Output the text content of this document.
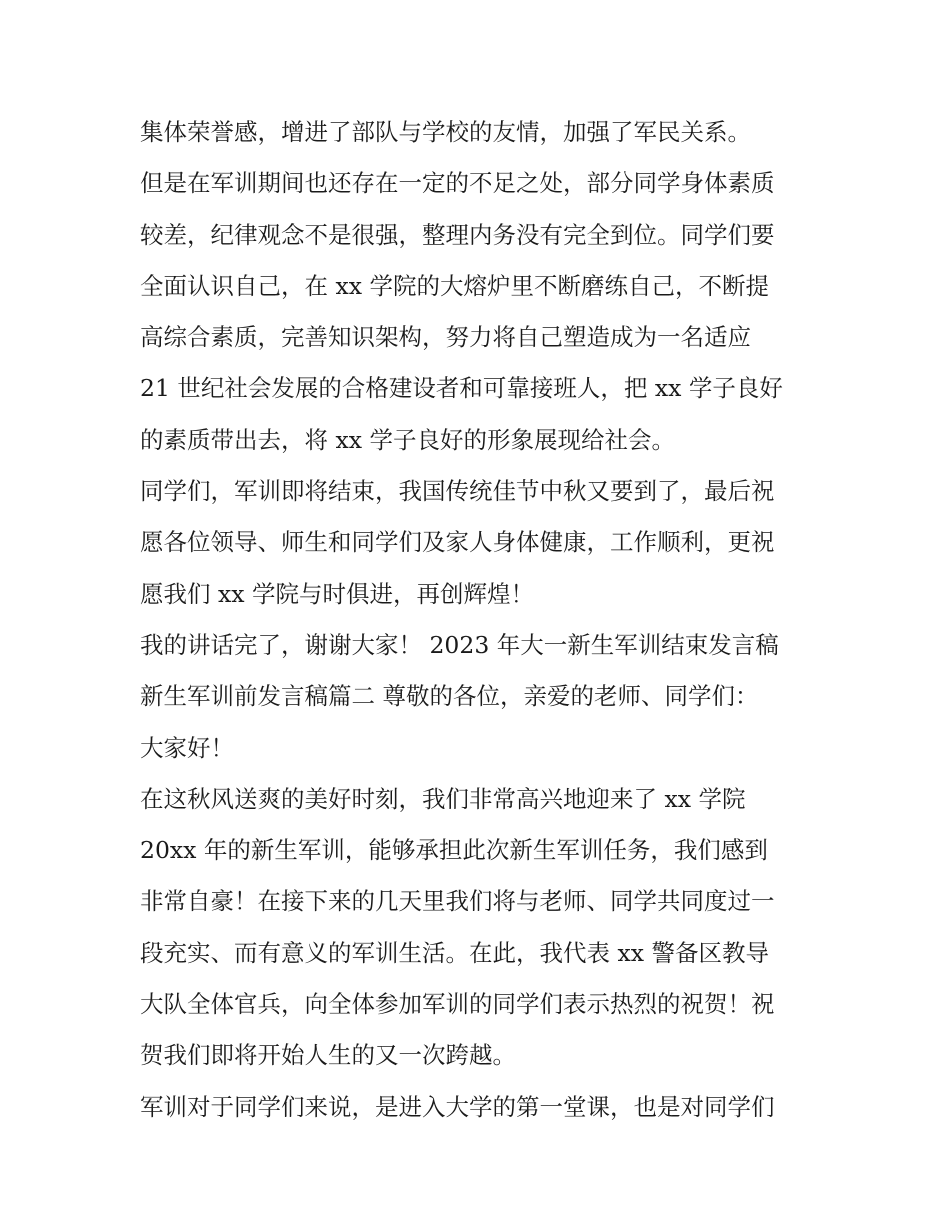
集体荣誉感，增进了部队与学校的友情，加强了军民关系。
但是在军训期间也还存在一定的不足之处，部分同学身体素质
较差，纪律观念不是很强，整理内务没有完全到位。同学们要
全面认识自己，在 xx 学院的大熔炉里不断磨练自己，不断提
高综合素质，完善知识架构，努力将自己塑造成为一名适应
21 世纪社会发展的合格建设者和可靠接班人，把 xx 学子良好
的素质带出去，将 xx 学子良好的形象展现给社会。
同学们，军训即将结束，我国传统佳节中秋又要到了，最后祝
愿各位领导、师生和同学们及家人身体健康，工作顺利，更祝
愿我们 xx 学院与时俱进，再创辉煌！
我的讲话完了，谢谢大家！ 2023 年大一新生军训结束发言稿
新生军训前发言稿篇二 尊敬的各位，亲爱的老师、同学们：
大家好！
在这秋风送爽的美好时刻，我们非常高兴地迎来了 xx 学院
20xx 年的新生军训，能够承担此次新生军训任务，我们感到
非常自豪！在接下来的几天里我们将与老师、同学共同度过一
段充实、而有意义的军训生活。在此，我代表 xx 警备区教导
大队全体官兵，向全体参加军训的同学们表示热烈的祝贺！祝
贺我们即将开始人生的又一次跨越。
军训对于同学们来说，是进入大学的第一堂课，也是对同学们
